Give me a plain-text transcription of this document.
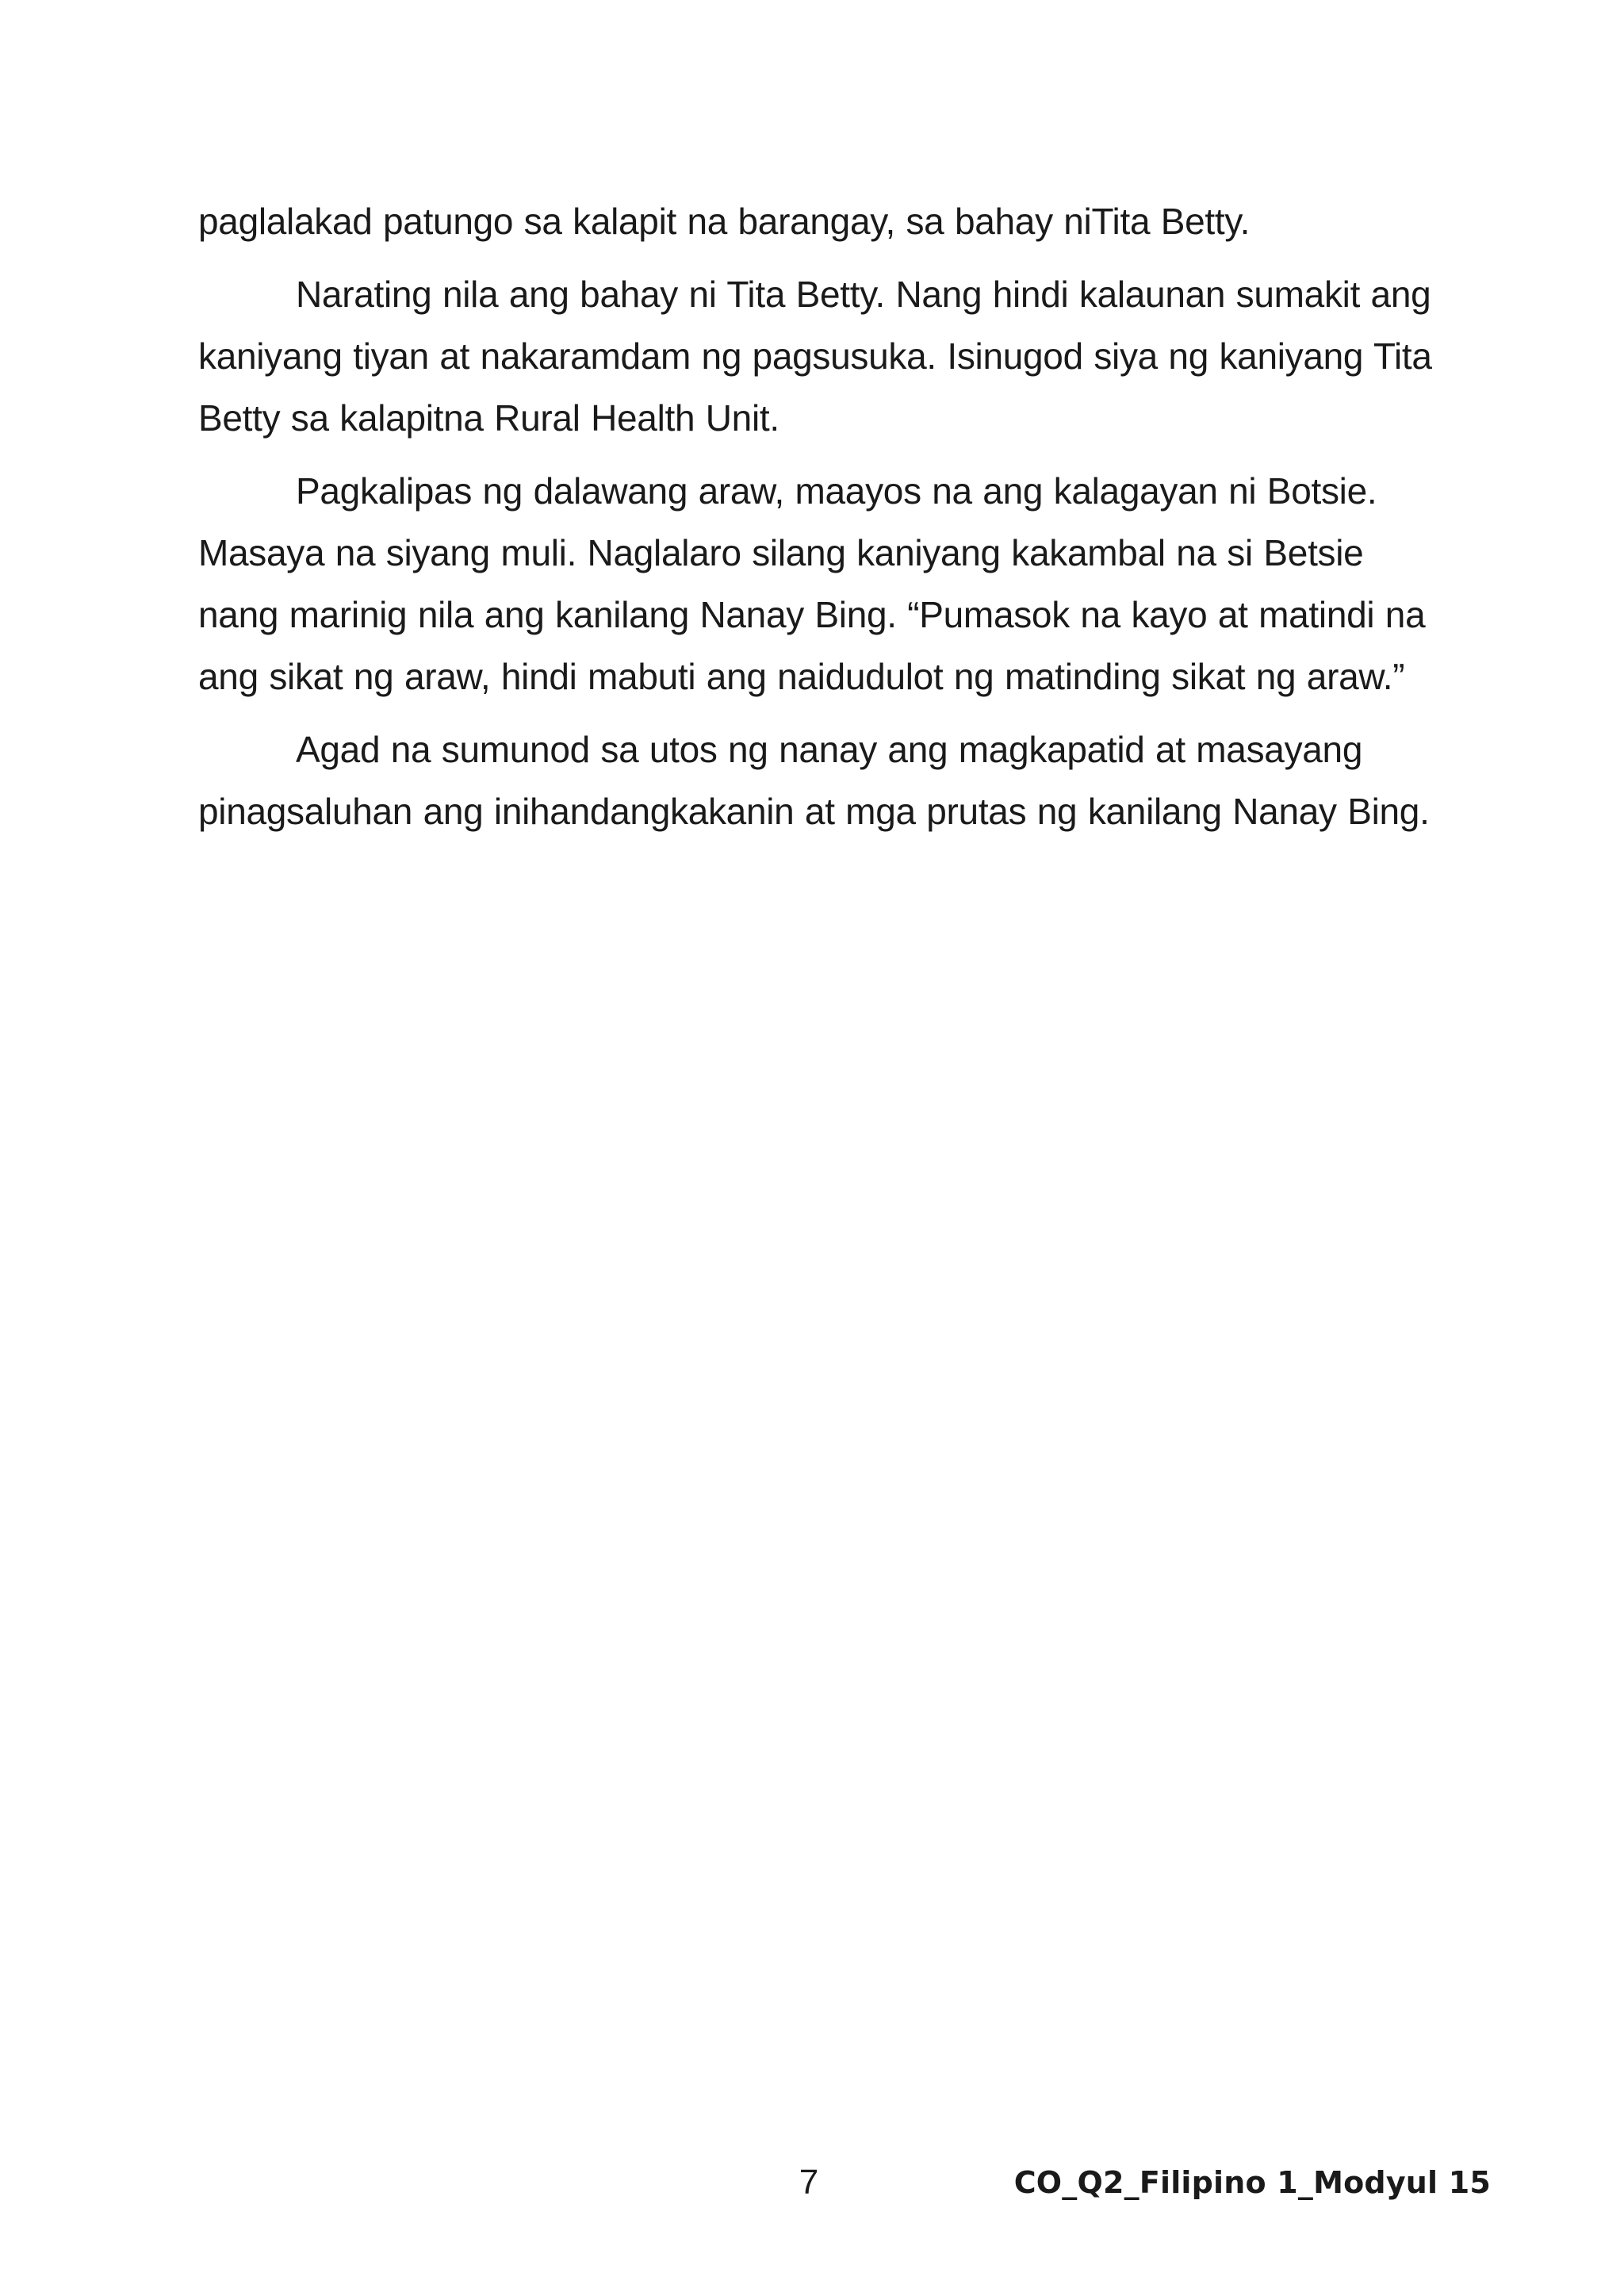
paglalakad patungo sa kalapit na barangay, sa bahay niTita Betty.

Narating nila ang bahay ni Tita Betty. Nang hindi kalaunan sumakit ang kaniyang tiyan at nakaramdam ng pagsusuka. Isinugod siya ng kaniyang Tita Betty sa kalapitna Rural Health Unit.

Pagkalipas ng dalawang araw, maayos na ang kalagayan ni Botsie. Masaya na siyang muli. Naglalaro silang kaniyang kakambal na si Betsie nang marinig nila ang kanilang Nanay Bing. “Pumasok na kayo at matindi na ang sikat ng araw, hindi mabuti ang naidudulot ng matinding sikat ng araw.”

Agad na sumunod sa utos ng nanay ang magkapatid at masayang pinagsaluhan ang inihandangkakanin at mga prutas ng kanilang Nanay Bing.

7	CO_Q2_Filipino 1_Modyul 15
